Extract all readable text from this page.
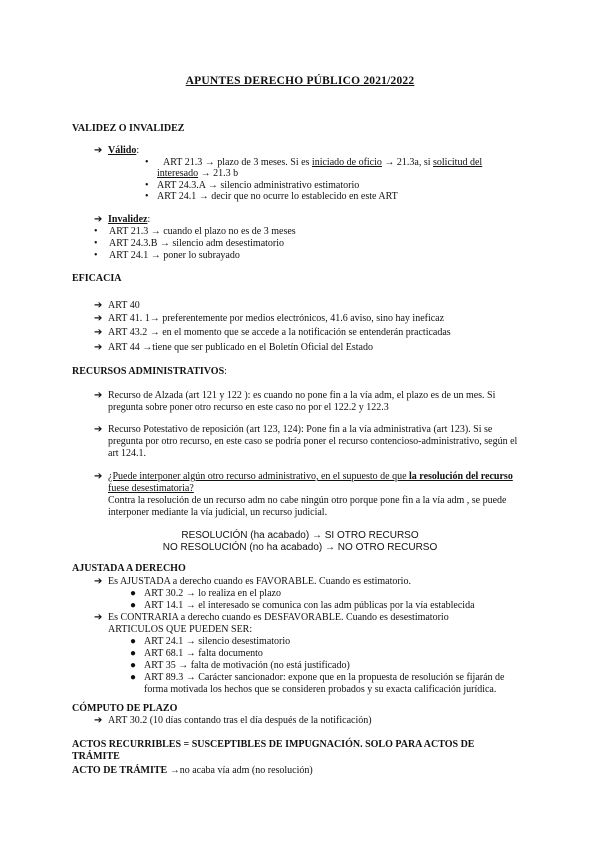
APUNTES DERECHO PÚBLICO 2021/2022
VALIDEZ O INVALIDEZ
➔ Válido:
• ART 21.3 → plazo de 3 meses. Si es iniciado de oficio → 21.3a, si solicitud del
interesado → 21.3 b
• ART 24.3.A → silencio administrativo estimatorio
• ART 24.1 → decir que no ocurre lo establecido en este ART
➔ Invalidez:
• ART 21.3 → cuando el plazo no es de 3 meses
• ART 24.3.B → silencio adm desestimatorio
• ART 24.1 → poner lo subrayado
EFICACIA
➔ ART 40
➔ ART 41. 1→ preferentemente por medios electrónicos, 41.6 aviso, sino hay ineficaz
➔ ART 43.2 → en el momento que se accede a la notificación se entenderán practicadas
➔ ART 44 →tiene que ser publicado en el Boletín Oficial del Estado
RECURSOS ADMINISTRATIVOS:
➔ Recurso de Alzada (art 121 y 122 ): es cuando no pone fin a la vía adm, el plazo es de un mes. Si
pregunta sobre poner otro recurso en este caso no por el 122.2 y 122.3
➔ Recurso Potestativo de reposición (art 123, 124): Pone fin a la vía administrativa (art 123). Si se
pregunta por otro recurso, en este caso se podría poner el recurso contencioso-administrativo, según el
art 124.1.
➔ ¿Puede interponer algún otro recurso administrativo, en el supuesto de que la resolución del recurso
fuese desestimatoria?
Contra la resolución de un recurso adm no cabe ningún otro porque pone fin a la vía adm , se puede
interponer mediante la vía judicial, un recurso judicial.
RESOLUCIÓN (ha acabado) → SI OTRO RECURSO
NO RESOLUCIÓN (no ha acabado) → NO OTRO RECURSO
AJUSTADA A DERECHO
➔ Es AJUSTADA a derecho cuando es FAVORABLE. Cuando es estimatorio.
● ART 30.2 → lo realiza en el plazo
● ART 14.1 → el interesado se comunica con las adm públicas por la vía establecida
➔ Es CONTRARIA a derecho cuando es DESFAVORABLE. Cuando es desestimatorio
ARTICULOS QUE PUEDEN SER:
● ART 24.1 → silencio desestimatorio
● ART 68.1 → falta documento
● ART 35 → falta de motivación (no está justificado)
● ART 89.3 → Carácter sancionador: expone que en la propuesta de resolución se fijarán de
forma motivada los hechos que se consideren probados y su exacta calificación jurídica.
CÓMPUTO DE PLAZO
➔ ART 30.2 (10 días contando tras el día después de la notificación)
ACTOS RECURRIBLES = SUSCEPTIBLES DE IMPUGNACIÓN. SOLO PARA ACTOS DE
TRÁMITE
ACTO DE TRÁMITE →no acaba vía adm (no resolución)
